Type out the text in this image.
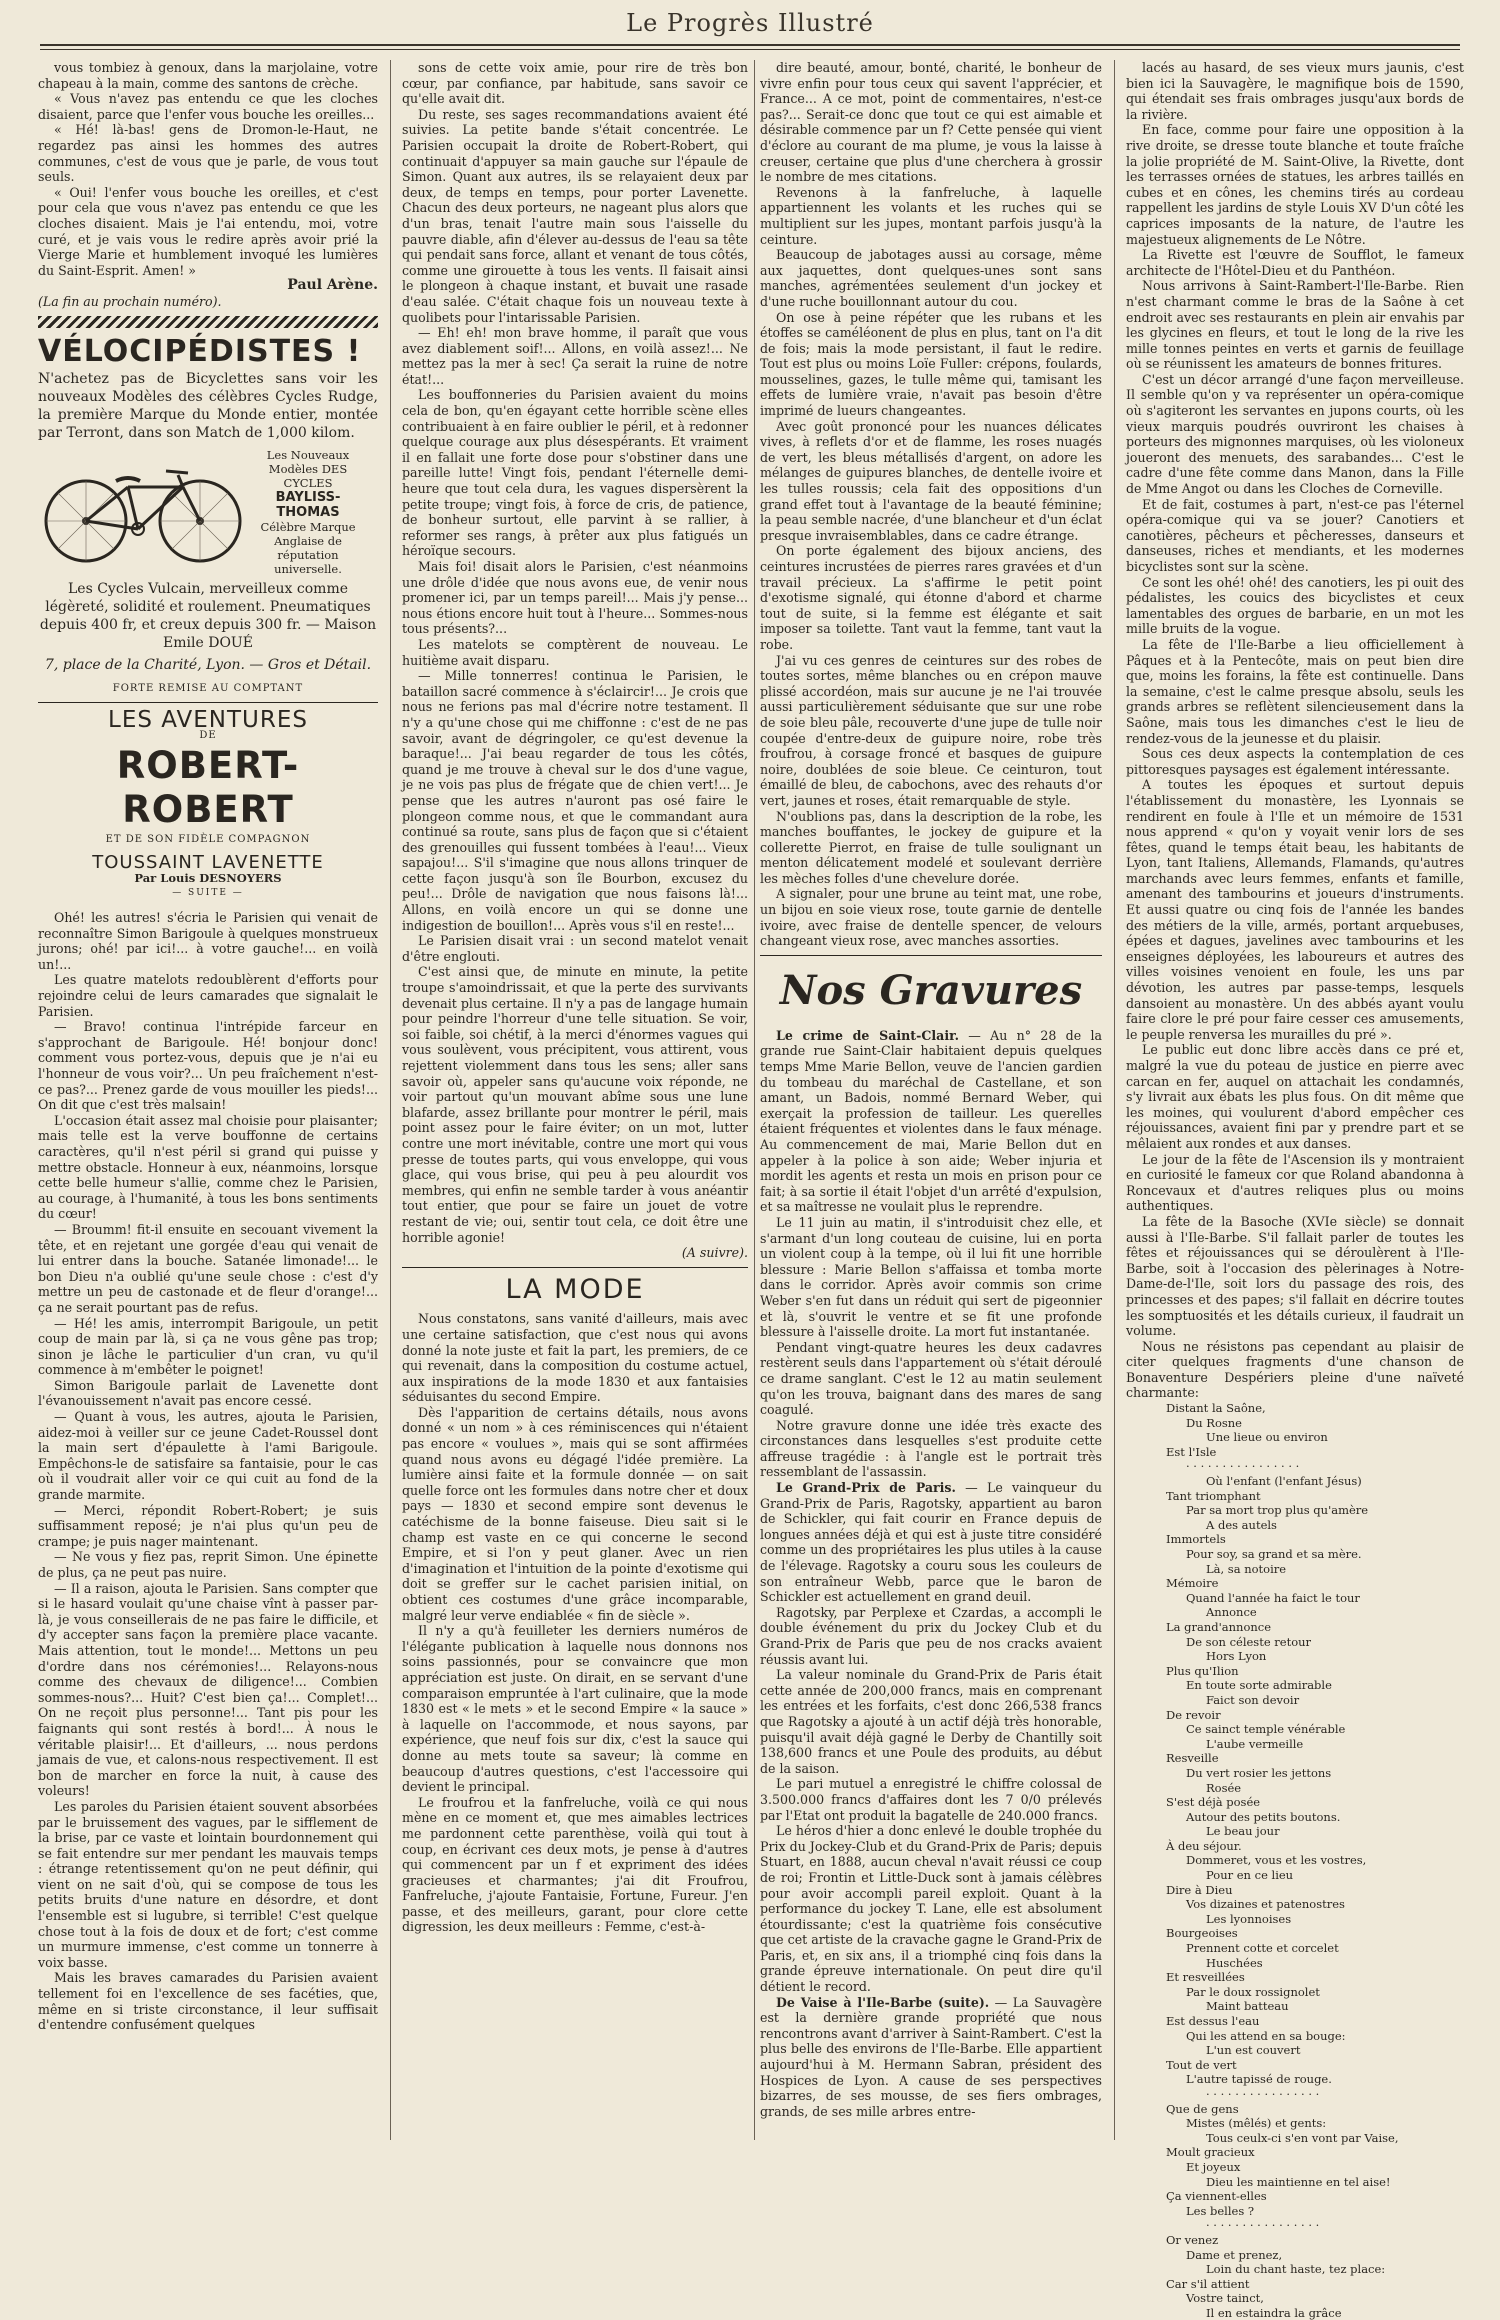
Le Progrès Illustré

vous tombiez à genoux, dans la marjolaine, votre chapeau à la main, comme des santons de crèche.

« Vous n'avez pas entendu ce que les cloches disaient, parce que l'enfer vous bouche les oreilles...

« Hé! là-bas! gens de Dromon-le-Haut, ne regardez pas ainsi les hommes des autres communes, c'est de vous que je parle, de vous tout seuls.

« Oui! l'enfer vous bouche les oreilles, et c'est pour cela que vous n'avez pas entendu ce que les cloches disaient. Mais je l'ai entendu, moi, votre curé, et je vais vous le redire après avoir prié la Vierge Marie et humblement invoqué les lumières du Saint-Esprit. Amen! »

Paul Arène.

(La fin au prochain numéro).

VÉLOCIPÉDISTES !

N'achetez pas de Bicyclettes sans voir les nouveaux Modèles des célèbres Cycles Rudge, la première Marque du Monde entier, montée par Terront, dans son Match de 1,000 kilom.

Les Nouveaux Modèles DES CYCLES
BAYLISS-THOMAS
Célèbre Marque Anglaise de réputation universelle.
Les Cycles Vulcain, merveilleux comme légèreté, solidité et roulement. Pneumatiques depuis 400 fr, et creux depuis 300 fr. — Maison Emile DOUÉ
7, place de la Charité, Lyon. — Gros et Détail.
FORTE REMISE AU COMPTANT
LES AVENTURES
DE
ROBERT-ROBERT
ET DE SON FIDÈLE COMPAGNON
TOUSSAINT LAVENETTE
Par Louis DESNOYERS
— SUITE —

Ohé! les autres! s'écria le Parisien qui venait de reconnaître Simon Barigoule à quelques monstrueux jurons; ohé! par ici!... à votre gauche!... en voilà un!...

Les quatre matelots redoublèrent d'efforts pour rejoindre celui de leurs camarades que signalait le Parisien.

— Bravo! continua l'intrépide farceur en s'approchant de Barigoule. Hé! bonjour donc! comment vous portez-vous, depuis que je n'ai eu l'honneur de vous voir?... Un peu fraîchement n'est-ce pas?... Prenez garde de vous mouiller les pieds!... On dit que c'est très malsain!

L'occasion était assez mal choisie pour plaisanter; mais telle est la verve bouffonne de certains caractères, qu'il n'est péril si grand qui puisse y mettre obstacle. Honneur à eux, néanmoins, lorsque cette belle humeur s'allie, comme chez le Parisien, au courage, à l'humanité, à tous les bons sentiments du cœur!

— Broumm! fit-il ensuite en secouant vivement la tête, et en rejetant une gorgée d'eau qui venait de lui entrer dans la bouche. Satanée limonade!... le bon Dieu n'a oublié qu'une seule chose : c'est d'y mettre un peu de castonade et de fleur d'orange!... ça ne serait pourtant pas de refus.

— Hé! les amis, interrompit Barigoule, un petit coup de main par là, si ça ne vous gêne pas trop; sinon je lâche le particulier d'un cran, vu qu'il commence à m'embêter le poignet!

Simon Barigoule parlait de Lavenette dont l'évanouissement n'avait pas encore cessé.

— Quant à vous, les autres, ajouta le Parisien, aidez-moi à veiller sur ce jeune Cadet-Roussel dont la main sert d'épaulette à l'ami Barigoule. Empêchons-le de satisfaire sa fantaisie, pour le cas où il voudrait aller voir ce qui cuit au fond de la grande marmite.

— Merci, répondit Robert-Robert; je suis suffisamment reposé; je n'ai plus qu'un peu de crampe; je puis nager maintenant.

— Ne vous y fiez pas, reprit Simon. Une épinette de plus, ça ne peut pas nuire.

— Il a raison, ajouta le Parisien. Sans compter que si le hasard voulait qu'une chaise vînt à passer par-là, je vous conseillerais de ne pas faire le difficile, et d'y accepter sans façon la première place vacante. Mais attention, tout le monde!... Mettons un peu d'ordre dans nos cérémonies!... Relayons-nous comme des chevaux de diligence!... Combien sommes-nous?... Huit? C'est bien ça!... Complet!... On ne reçoit plus personne!... Tant pis pour les faignants qui sont restés à bord!... À nous le véritable plaisir!... Et d'ailleurs, ... nous perdons jamais de vue, et calons-nous respectivement. Il est bon de marcher en force la nuit, à cause des voleurs!

Les paroles du Parisien étaient souvent absorbées par le bruissement des vagues, par le sifflement de la brise, par ce vaste et lointain bourdonnement qui se fait entendre sur mer pendant les mauvais temps : étrange retentissement qu'on ne peut définir, qui vient on ne sait d'où, qui se compose de tous les petits bruits d'une nature en désordre, et dont l'ensemble est si lugubre, si terrible! C'est quelque chose tout à la fois de doux et de fort; c'est comme un murmure immense, c'est comme un tonnerre à voix basse.

Mais les braves camarades du Parisien avaient tellement foi en l'excellence de ses facéties, que, même en si triste circonstance, il leur suffisait d'entendre confusément quelques

sons de cette voix amie, pour rire de très bon cœur, par confiance, par habitude, sans savoir ce qu'elle avait dit.

Du reste, ses sages recommandations avaient été suivies. La petite bande s'était concentrée. Le Parisien occupait la droite de Robert-Robert, qui continuait d'appuyer sa main gauche sur l'épaule de Simon. Quant aux autres, ils se relayaient deux par deux, de temps en temps, pour porter Lavenette. Chacun des deux porteurs, ne nageant plus alors que d'un bras, tenait l'autre main sous l'aisselle du pauvre diable, afin d'élever au-dessus de l'eau sa tête qui pendait sans force, allant et venant de tous côtés, comme une girouette à tous les vents. Il faisait ainsi le plongeon à chaque instant, et buvait une rasade d'eau salée. C'était chaque fois un nouveau texte à quolibets pour l'intarissable Parisien.

— Eh! eh! mon brave homme, il paraît que vous avez diablement soif!... Allons, en voilà assez!... Ne mettez pas la mer à sec! Ça serait la ruine de notre état!...

Les bouffonneries du Parisien avaient du moins cela de bon, qu'en égayant cette horrible scène elles contribuaient à en faire oublier le péril, et à redonner quelque courage aux plus désespérants. Et vraiment il en fallait une forte dose pour s'obstiner dans une pareille lutte! Vingt fois, pendant l'éternelle demi-heure que tout cela dura, les vagues dispersèrent la petite troupe; vingt fois, à force de cris, de patience, de bonheur surtout, elle parvint à se rallier, à reformer ses rangs, à prêter aux plus fatigués un héroïque secours.

Mais foi! disait alors le Parisien, c'est néanmoins une drôle d'idée que nous avons eue, de venir nous promener ici, par un temps pareil!... Mais j'y pense... nous étions encore huit tout à l'heure... Sommes-nous tous présents?...

Les matelots se comptèrent de nouveau. Le huitième avait disparu.

— Mille tonnerres! continua le Parisien, le bataillon sacré commence à s'éclaircir!... Je crois que nous ne ferions pas mal d'écrire notre testament. Il n'y a qu'une chose qui me chiffonne : c'est de ne pas savoir, avant de dégringoler, ce qu'est devenue la baraque!... J'ai beau regarder de tous les côtés, quand je me trouve à cheval sur le dos d'une vague, je ne vois pas plus de frégate que de chien vert!... Je pense que les autres n'auront pas osé faire le plongeon comme nous, et que le commandant aura continué sa route, sans plus de façon que si c'étaient des grenouilles qui fussent tombées à l'eau!... Vieux sapajou!... S'il s'imagine que nous allons trinquer de cette façon jusqu'à son île Bourbon, excusez du peu!... Drôle de navigation que nous faisons là!... Allons, en voilà encore un qui se donne une indigestion de bouillon!... Après vous s'il en reste!...

Le Parisien disait vrai : un second matelot venait d'être englouti.

C'est ainsi que, de minute en minute, la petite troupe s'amoindrissait, et que la perte des survivants devenait plus certaine. Il n'y a pas de langage humain pour peindre l'horreur d'une telle situation. Se voir, soi faible, soi chétif, à la merci d'énormes vagues qui vous soulèvent, vous précipitent, vous attirent, vous rejettent violemment dans tous les sens; aller sans savoir où, appeler sans qu'aucune voix réponde, ne voir partout qu'un mouvant abîme sous une lune blafarde, assez brillante pour montrer le péril, mais point assez pour le faire éviter; on un mot, lutter contre une mort inévitable, contre une mort qui vous presse de toutes parts, qui vous enveloppe, qui vous glace, qui vous brise, qui peu à peu alourdit vos membres, qui enfin ne semble tarder à vous anéantir tout entier, que pour se faire un jouet de votre restant de vie; oui, sentir tout cela, ce doit être une horrible agonie!

(A suivre).
LA MODE

Nous constatons, sans vanité d'ailleurs, mais avec une certaine satisfaction, que c'est nous qui avons donné la note juste et fait la part, les premiers, de ce qui revenait, dans la composition du costume actuel, aux inspirations de la mode 1830 et aux fantaisies séduisantes du second Empire.

Dès l'apparition de certains détails, nous avons donné « un nom » à ces réminiscences qui n'étaient pas encore « voulues », mais qui se sont affirmées quand nous avons eu dégagé l'idée première. La lumière ainsi faite et la formule donnée — on sait quelle force ont les formules dans notre cher et doux pays — 1830 et second empire sont devenus le catéchisme de la bonne faiseuse. Dieu sait si le champ est vaste en ce qui concerne le second Empire, et si l'on y peut glaner. Avec un rien d'imagination et l'intuition de la pointe d'exotisme qui doit se greffer sur le cachet parisien initial, on obtient ces costumes d'une grâce incomparable, malgré leur verve endiablée « fin de siècle ».

Il n'y a qu'à feuilleter les derniers numéros de l'élégante publication à laquelle nous donnons nos soins passionnés, pour se convaincre que mon appréciation est juste. On dirait, en se servant d'une comparaison empruntée à l'art culinaire, que la mode 1830 est « le mets » et le second Empire « la sauce » à laquelle on l'accommode, et nous sayons, par expérience, que neuf fois sur dix, c'est la sauce qui donne au mets toute sa saveur; là comme en beaucoup d'autres questions, c'est l'accessoire qui devient le principal.

Le froufrou et la fanfreluche, voilà ce qui nous mène en ce moment et, que mes aimables lectrices me pardonnent cette parenthèse, voilà qui tout à coup, en écrivant ces deux mots, je pense à d'autres qui commencent par un f et expriment des idées gracieuses et charmantes; j'ai dit Froufrou, Fanfreluche, j'ajoute Fantaisie, Fortune, Fureur. J'en passe, et des meilleurs, garant, pour clore cette digression, les deux meilleurs : Femme, c'est-à-

dire beauté, amour, bonté, charité, le bonheur de vivre enfin pour tous ceux qui savent l'apprécier, et France... A ce mot, point de commentaires, n'est-ce pas?... Serait-ce donc que tout ce qui est aimable et désirable commence par un f? Cette pensée qui vient d'éclore au courant de ma plume, je vous la laisse à creuser, certaine que plus d'une cherchera à grossir le nombre de mes citations.

Revenons à la fanfreluche, à laquelle appartiennent les volants et les ruches qui se multiplient sur les jupes, montant parfois jusqu'à la ceinture.

Beaucoup de jabotages aussi au corsage, même aux jaquettes, dont quelques-unes sont sans manches, agrémentées seulement d'un jockey et d'une ruche bouillonnant autour du cou.

On ose à peine répéter que les rubans et les étoffes se caméléonent de plus en plus, tant on l'a dit de fois; mais la mode persistant, il faut le redire. Tout est plus ou moins Loïe Fuller: crépons, foulards, mousselines, gazes, le tulle même qui, tamisant les effets de lumière vraie, n'avait pas besoin d'être imprimé de lueurs changeantes.

Avec goût prononcé pour les nuances délicates vives, à reflets d'or et de flamme, les roses nuagés de vert, les bleus métallisés d'argent, on adore les mélanges de guipures blanches, de dentelle ivoire et les tulles roussis; cela fait des oppositions d'un grand effet tout à l'avantage de la beauté féminine; la peau semble nacrée, d'une blancheur et d'un éclat presque invraisemblables, dans ce cadre étrange.

On porte également des bijoux anciens, des ceintures incrustées de pierres rares gravées et d'un travail précieux. La s'affirme le petit point d'exotisme signalé, qui étonne d'abord et charme tout de suite, si la femme est élégante et sait imposer sa toilette. Tant vaut la femme, tant vaut la robe.

J'ai vu ces genres de ceintures sur des robes de toutes sortes, même blanches ou en crépon mauve plissé accordéon, mais sur aucune je ne l'ai trouvée aussi particulièrement séduisante que sur une robe de soie bleu pâle, recouverte d'une jupe de tulle noir coupée d'entre-deux de guipure noire, robe très froufrou, à corsage froncé et basques de guipure noire, doublées de soie bleue. Ce ceinturon, tout émaillé de bleu, de cabochons, avec des rehauts d'or vert, jaunes et roses, était remarquable de style.

N'oublions pas, dans la description de la robe, les manches bouffantes, le jockey de guipure et la collerette Pierrot, en fraise de tulle soulignant un menton délicatement modelé et soulevant derrière les mèches folles d'une chevelure dorée.

A signaler, pour une brune au teint mat, une robe, un bijou en soie vieux rose, toute garnie de dentelle ivoire, avec fraise de dentelle spencer, de velours changeant vieux rose, avec manches assorties.

Nos Gravures

Le crime de Saint-Clair. — Au n° 28 de la grande rue Saint-Clair habitaient depuis quelques temps Mme Marie Bellon, veuve de l'ancien gardien du tombeau du maréchal de Castellane, et son amant, un Badois, nommé Bernard Weber, qui exerçait la profession de tailleur. Les querelles étaient fréquentes et violentes dans le faux ménage. Au commencement de mai, Marie Bellon dut en appeler à la police à son aide; Weber injuria et mordit les agents et resta un mois en prison pour ce fait; à sa sortie il était l'objet d'un arrêté d'expulsion, et sa maîtresse ne voulait plus le reprendre.

Le 11 juin au matin, il s'introduisit chez elle, et s'armant d'un long couteau de cuisine, lui en porta un violent coup à la tempe, où il lui fit une horrible blessure : Marie Bellon s'affaissa et tomba morte dans le corridor. Après avoir commis son crime Weber s'en fut dans un réduit qui sert de pigeonnier et là, s'ouvrit le ventre et se fit une profonde blessure à l'aisselle droite. La mort fut instantanée.

Pendant vingt-quatre heures les deux cadavres restèrent seuls dans l'appartement où s'était déroulé ce drame sanglant. C'est le 12 au matin seulement qu'on les trouva, baignant dans des mares de sang coagulé.

Notre gravure donne une idée très exacte des circonstances dans lesquelles s'est produite cette affreuse tragédie : à l'angle est le portrait très ressemblant de l'assassin.

Le Grand-Prix de Paris. — Le vainqueur du Grand-Prix de Paris, Ragotsky, appartient au baron de Schickler, qui fait courir en France depuis de longues années déjà et qui est à juste titre considéré comme un des propriétaires les plus utiles à la cause de l'élevage. Ragotsky a couru sous les couleurs de son entraîneur Webb, parce que le baron de Schickler est actuellement en grand deuil.

Ragotsky, par Perplexe et Czardas, a accompli le double événement du prix du Jockey Club et du Grand-Prix de Paris que peu de nos cracks avaient réussis avant lui.

La valeur nominale du Grand-Prix de Paris était cette année de 200,000 francs, mais en comprenant les entrées et les forfaits, c'est donc 266,538 francs que Ragotsky a ajouté à un actif déjà très honorable, puisqu'il avait déjà gagné le Derby de Chantilly soit 138,600 francs et une Poule des produits, au début de la saison.

Le pari mutuel a enregistré le chiffre colossal de 3.500.000 francs d'affaires dont les 7 0/0 prélevés par l'Etat ont produit la bagatelle de 240.000 francs.

Le héros d'hier a donc enlevé le double trophée du Prix du Jockey-Club et du Grand-Prix de Paris; depuis Stuart, en 1888, aucun cheval n'avait réussi ce coup de roi; Frontin et Little-Duck sont à jamais célèbres pour avoir accompli pareil exploit. Quant à la performance du jockey T. Lane, elle est absolument étourdissante; c'est la quatrième fois consécutive que cet artiste de la cravache gagne le Grand-Prix de Paris, et, en six ans, il a triomphé cinq fois dans la grande épreuve internationale. On peut dire qu'il détient le record.

De Vaise à l'Ile-Barbe (suite). — La Sauvagère est la dernière grande propriété que nous rencontrons avant d'arriver à Saint-Rambert. C'est la plus belle des environs de l'Ile-Barbe. Elle appartient aujourd'hui à M. Hermann Sabran, président des Hospices de Lyon. A cause de ses perspectives bizarres, de ses mousse, de ses fiers ombrages, grands, de ses mille arbres entre-

lacés au hasard, de ses vieux murs jaunis, c'est bien ici la Sauvagère, le magnifique bois de 1590, qui étendait ses frais ombrages jusqu'aux bords de la rivière.

En face, comme pour faire une opposition à la rive droite, se dresse toute blanche et toute fraîche la jolie propriété de M. Saint-Olive, la Rivette, dont les terrasses ornées de statues, les arbres taillés en cubes et en cônes, les chemins tirés au cordeau rappellent les jardins de style Louis XV D'un côté les caprices imposants de la nature, de l'autre les majestueux alignements de Le Nôtre.

La Rivette est l'œuvre de Soufflot, le fameux architecte de l'Hôtel-Dieu et du Panthéon.

Nous arrivons à Saint-Rambert-l'Ile-Barbe. Rien n'est charmant comme le bras de la Saône à cet endroit avec ses restaurants en plein air envahis par les glycines en fleurs, et tout le long de la rive les mille tonnes peintes en verts et garnis de feuillage où se réunissent les amateurs de bonnes fritures.

C'est un décor arrangé d'une façon merveilleuse. Il semble qu'on y va représenter un opéra-comique où s'agiteront les servantes en jupons courts, où les vieux marquis poudrés ouvriront les chaises à porteurs des mignonnes marquises, où les violoneux joueront des menuets, des sarabandes... C'est le cadre d'une fête comme dans Manon, dans la Fille de Mme Angot ou dans les Cloches de Corneville.

Et de fait, costumes à part, n'est-ce pas l'éternel opéra-comique qui va se jouer? Canotiers et canotières, pêcheurs et pêcheresses, danseurs et danseuses, riches et mendiants, et les modernes bicyclistes sont sur la scène.

Ce sont les ohé! ohé! des canotiers, les pi ouit des pédalistes, les couics des bicyclistes et ceux lamentables des orgues de barbarie, en un mot les mille bruits de la vogue.

La fête de l'Ile-Barbe a lieu officiellement à Pâques et à la Pentecôte, mais on peut bien dire que, moins les forains, la fête est continuelle. Dans la semaine, c'est le calme presque absolu, seuls les grands arbres se reflètent silencieusement dans la Saône, mais tous les dimanches c'est le lieu de rendez-vous de la jeunesse et du plaisir.

Sous ces deux aspects la contemplation de ces pittoresques paysages est également intéressante.

A toutes les époques et surtout depuis l'établissement du monastère, les Lyonnais se rendirent en foule à l'Ile et un mémoire de 1531 nous apprend « qu'on y voyait venir lors de ses fêtes, quand le temps était beau, les habitants de Lyon, tant Italiens, Allemands, Flamands, qu'autres marchands avec leurs femmes, enfants et famille, amenant des tambourins et joueurs d'instruments. Et aussi quatre ou cinq fois de l'année les bandes des métiers de la ville, armés, portant arquebuses, épées et dagues, javelines avec tambourins et les enseignes déployées, les laboureurs et autres des villes voisines venoient en foule, les uns par dévotion, les autres par passe-temps, lesquels dansoient au monastère. Un des abbés ayant voulu faire clore le pré pour faire cesser ces amusements, le peuple renversa les murailles du pré ».

Le public eut donc libre accès dans ce pré et, malgré la vue du poteau de justice en pierre avec carcan en fer, auquel on attachait les condamnés, s'y livrait aux ébats les plus fous. On dit même que les moines, qui voulurent d'abord empêcher ces réjouissances, avaient fini par y prendre part et se mêlaient aux rondes et aux danses.

Le jour de la fête de l'Ascension ils y montraient en curiosité le fameux cor que Roland abandonna à Roncevaux et d'autres reliques plus ou moins authentiques.

La fête de la Basoche (XVIe siècle) se donnait aussi à l'Ile-Barbe. S'il fallait parler de toutes les fêtes et réjouissances qui se déroulèrent à l'Ile-Barbe, soit à l'occasion des pèlerinages à Notre-Dame-de-l'Ile, soit lors du passage des rois, des princesses et des papes; s'il fallait en décrire toutes les somptuosités et les détails curieux, il faudrait un volume.

Nous ne résistons pas cependant au plaisir de citer quelques fragments d'une chanson de Bonaventure Despériers pleine d'une naïveté charmante:

Distant la Saône,
Du Rosne
Une lieue ou environ
Est l'Isle
· · · · · · · · · · · · · · · ·
Où l'enfant (l'enfant Jésus)
Tant triomphant
Par sa mort trop plus qu'amère
A des autels
Immortels
Pour soy, sa grand et sa mère.
Là, sa notoire
Mémoire
Quand l'année ha faict le tour
Annonce
La grand'annonce
De son céleste retour
Hors Lyon
Plus qu'Ilion
En toute sorte admirable
Faict son devoir
De revoir
Ce sainct temple vénérable
L'aube vermeille
Resveille
Du vert rosier les jettons
Rosée
S'est déjà posée
Autour des petits boutons.
Le beau jour
À deu séjour.
Dommeret, vous et les vostres,
Pour en ce lieu
Dire à Dieu
Vos dizaines et patenostres
Les lyonnoises
Bourgeoises
Prennent cotte et corcelet
Huschées
Et resveillées
Par le doux rossignolet
Maint batteau
Est dessus l'eau
Qui les attend en sa bouge:
L'un est couvert
Tout de vert
L'autre tapissé de rouge.
· · · · · · · · · · · · · · · ·
Que de gens
Mistes (mêlés) et gents:
Tous ceulx-ci s'en vont par Vaise,
Moult gracieux
Et joyeux
Dieu les maintienne en tel aise!
Ça viennent-elles
Les belles ?
· · · · · · · · · · · · · · · ·
Or venez
Dame et prenez,
Loin du chant haste, tez place:
Car s'il attient
Vostre tainct,
Il en estaindra la grâce
